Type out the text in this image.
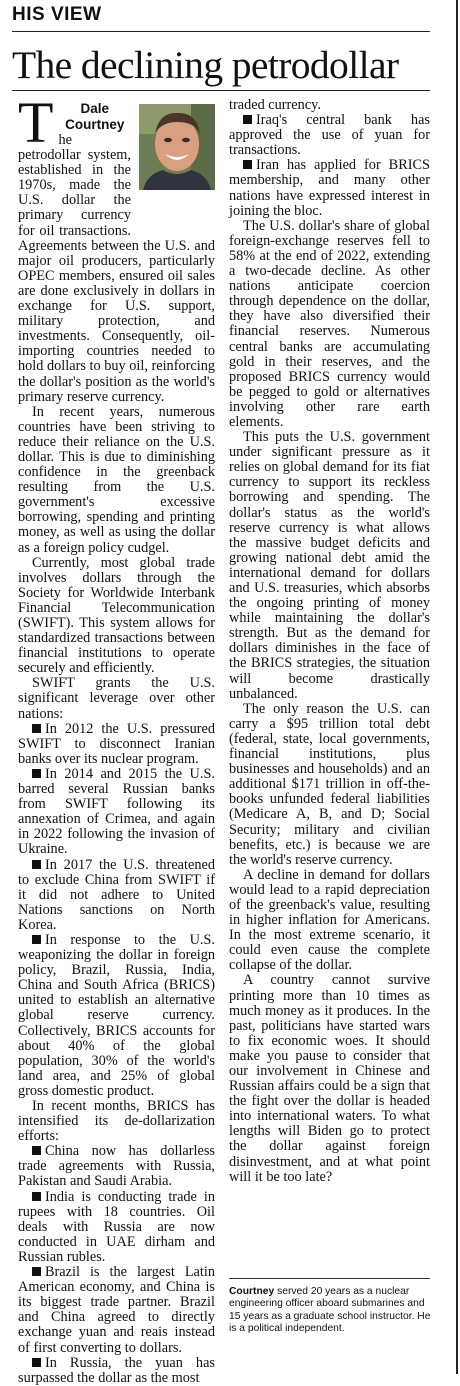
HIS VIEW
The declining petrodollar

T	Dale
Courtney
he petrodollar system, established in the 1970s, made the U.S. dollar the primary currency for oil transactions. Agreements between the U.S. and major oil producers, particularly OPEC members, ensured oil sales are done exclusively in dollars in exchange for U.S. support, military protection, and investments. Consequently, oil-importing countries needed to hold dollars to buy oil, reinforcing the dollar's position as the world's primary reserve currency.

In recent years, numerous countries have been striving to reduce their reliance on the U.S. dollar. This is due to diminishing confidence in the greenback resulting from the U.S. government's excessive borrowing, spending and printing money, as well as using the dollar as a foreign policy cudgel.

Currently, most global trade involves dollars through the Society for Worldwide Interbank Financial Telecommunication (SWIFT). This system allows for standardized transactions between financial institutions to operate securely and efficiently.

SWIFT grants the U.S. significant leverage over other nations:

In 2012 the U.S. pressured SWIFT to disconnect Iranian banks over its nuclear program.

In 2014 and 2015 the U.S. barred several Russian banks from SWIFT following its annexation of Crimea, and again in 2022 following the invasion of Ukraine.

In 2017 the U.S. threatened to exclude China from SWIFT if it did not adhere to United Nations sanctions on North Korea.

In response to the U.S. weaponizing the dollar in foreign policy, Brazil, Russia, India, China and South Africa (BRICS) united to establish an alternative global reserve currency. Collectively, BRICS accounts for about 40% of the global population, 30% of the world's land area, and 25% of global gross domestic product.

In recent months, BRICS has intensified its de-dollarization efforts:

China now has dollarless trade agreements with Russia, Pakistan and Saudi Arabia.

India is conducting trade in rupees with 18 countries. Oil deals with Russia are now conducted in UAE dirham and Russian rubles.

Brazil is the largest Latin American economy, and China is its biggest trade partner. Brazil and China agreed to directly exchange yuan and reais instead of first converting to dollars.

In Russia, the yuan has surpassed the dollar as the most

traded currency.

Iraq's central bank has approved the use of yuan for transactions.

Iran has applied for BRICS membership, and many other nations have expressed interest in joining the bloc.

The U.S. dollar's share of global foreign-exchange reserves fell to 58% at the end of 2022, extending a two-decade decline. As other nations anticipate coercion through dependence on the dollar, they have also diversified their financial reserves. Numerous central banks are accumulating gold in their reserves, and the proposed BRICS currency would be pegged to gold or alternatives involving other rare earth elements.

This puts the U.S. government under significant pressure as it relies on global demand for its fiat currency to support its reckless borrowing and spending. The dollar's status as the world's reserve currency is what allows the massive budget deficits and growing national debt amid the international demand for dollars and U.S. treasuries, which absorbs the ongoing printing of money while maintaining the dollar's strength. But as the demand for dollars diminishes in the face of the BRICS strategies, the situation will become drastically unbalanced.

The only reason the U.S. can carry a $95 trillion total debt (federal, state, local governments, financial institutions, plus businesses and households) and an additional $171 trillion in off-the-books unfunded federal liabilities (Medicare A, B, and D; Social Security; military and civilian benefits, etc.) is because we are the world's reserve currency.

A decline in demand for dollars would lead to a rapid depreciation of the greenback's value, resulting in higher inflation for Americans. In the most extreme scenario, it could even cause the complete collapse of the dollar.

A country cannot survive printing more than 10 times as much money as it produces. In the past, politicians have started wars to fix economic woes. It should make you pause to consider that our involvement in Chinese and Russian affairs could be a sign that the fight over the dollar is headed into international waters. To what lengths will Biden go to protect the dollar against foreign disinvestment, and at what point will it be too late?

Courtney served 20 years as a nuclear engineering officer aboard submarines and 15 years as a graduate school instructor. He is a political independent.
